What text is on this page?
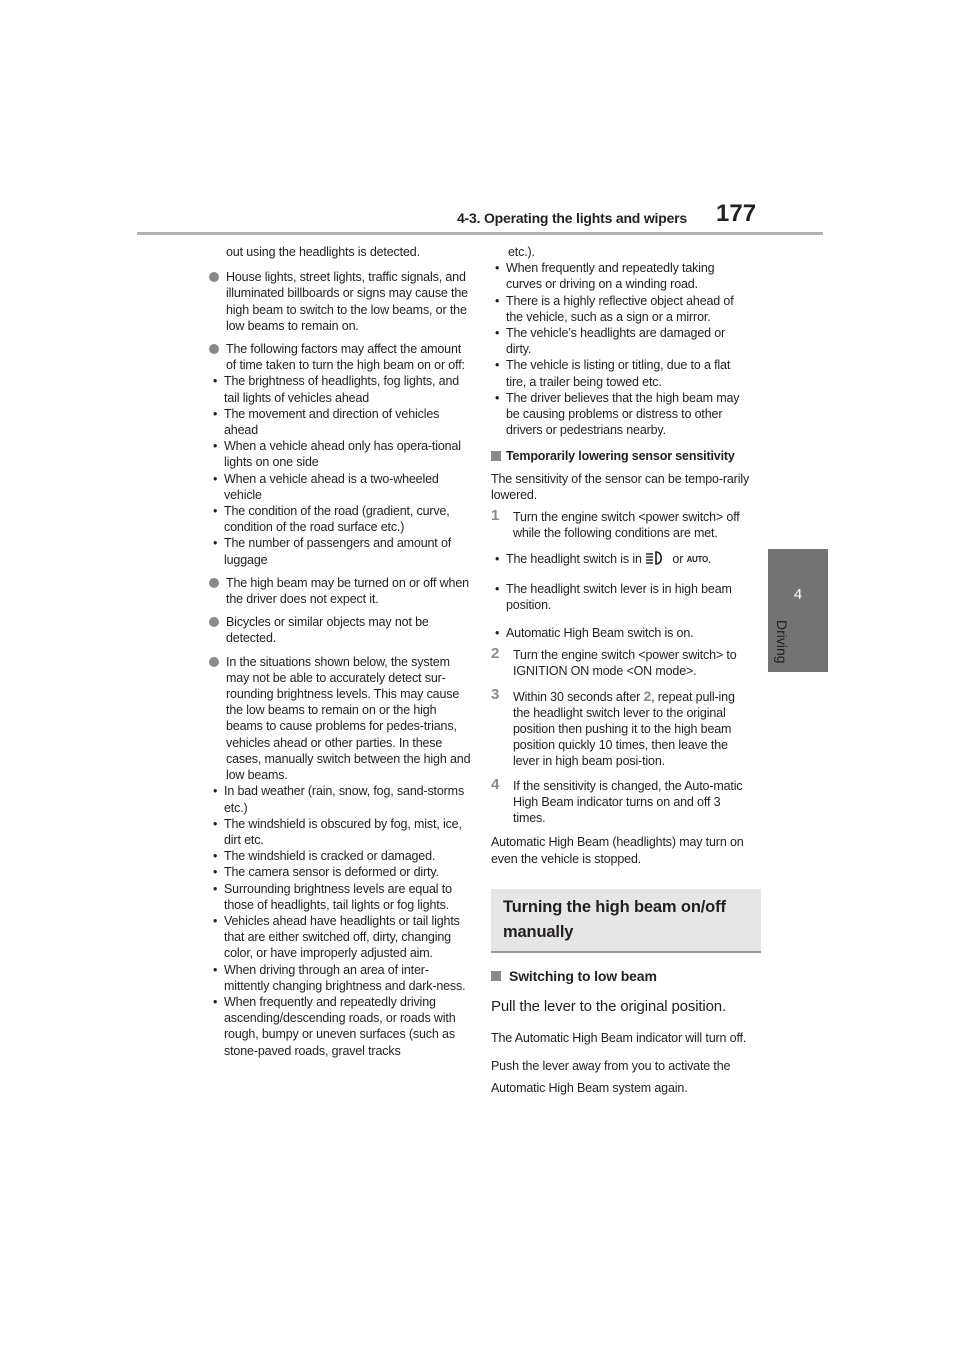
4-3. Operating the lights and wipers 177
4
Driving

out using the headlights is detected.

House lights, street lights, traffic signals, and illuminated billboards or signs may cause the high beam to switch to the low beams, or the low beams to remain on.

The following factors may affect the amount of time taken to turn the high beam on or off:

• The brightness of headlights, fog lights, and tail lights of vehicles ahead
• The movement and direction of vehicles ahead
• When a vehicle ahead only has opera-tional lights on one side
• When a vehicle ahead is a two-wheeled vehicle
• The condition of the road (gradient, curve, condition of the road surface etc.)
• The number of passengers and amount of luggage

The high beam may be turned on or off when the driver does not expect it.

Bicycles or similar objects may not be detected.

In the situations shown below, the system may not be able to accurately detect sur-rounding brightness levels. This may cause the low beams to remain on or the high beams to cause problems for pedes-trians, vehicles ahead or other parties. In these cases, manually switch between the high and low beams.

• In bad weather (rain, snow, fog, sand-storms etc.)
• The windshield is obscured by fog, mist, ice, dirt etc.
• The windshield is cracked or damaged.
• The camera sensor is deformed or dirty.
• Surrounding brightness levels are equal to those of headlights, tail lights or fog lights.
• Vehicles ahead have headlights or tail lights that are either switched off, dirty, changing color, or have improperly adjusted aim.
• When driving through an area of inter-mittently changing brightness and dark-ness.
• When frequently and repeatedly driving ascending/descending roads, or roads with rough, bumpy or uneven surfaces (such as stone-paved roads, gravel tracks

etc.).

• When frequently and repeatedly taking curves or driving on a winding road.
• There is a highly reflective object ahead of the vehicle, such as a sign or a mirror.
• The vehicle’s headlights are damaged or dirty.
• The vehicle is listing or titling, due to a flat tire, a trailer being towed etc.
• The driver believes that the high beam may be causing problems or distress to other drivers or pedestrians nearby.
Temporarily lowering sensor sensitivity

The sensitivity of the sensor can be tempo-rarily lowered.

1 Turn the engine switch <power switch> off while the following conditions are met.
• The headlight switch is in or AUTO.
• The headlight switch lever is in high beam position.
• Automatic High Beam switch is on.
2 Turn the engine switch <power switch> to IGNITION ON mode <ON mode>.
3 Within 30 seconds after 2, repeat pull-ing the headlight switch lever to the original position then pushing it to the high beam position quickly 10 times, then leave the lever in high beam posi-tion.
4 If the sensitivity is changed, the Auto-matic High Beam indicator turns on and off 3 times.

Automatic High Beam (headlights) may turn on even the vehicle is stopped.

Turning the high beam on/off manually
Switching to low beam

Pull the lever to the original position.

The Automatic High Beam indicator will turn off.

Push the lever away from you to activate the Automatic High Beam system again.
